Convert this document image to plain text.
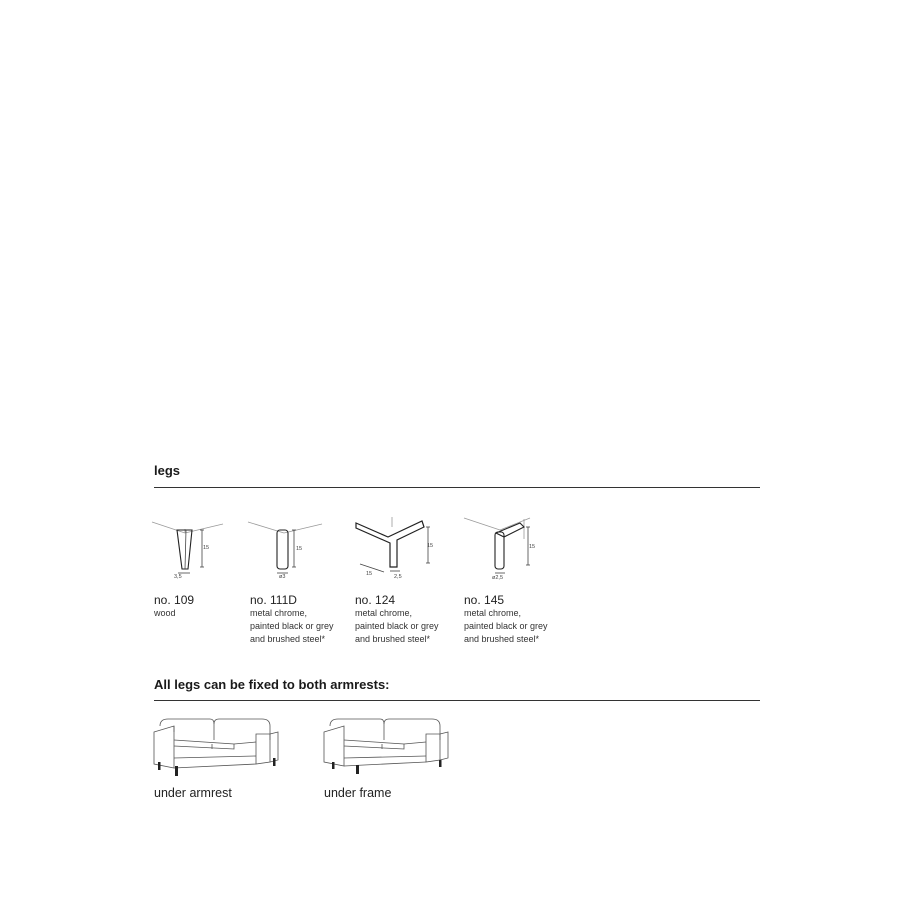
legs
15
3,5
15
ø3
15
15	2,5
15
ø2,5
no. 109
wood
no. 111D
metal chrome,
painted black or grey
and brushed steel*
no. 124
metal chrome,
painted black or grey
and brushed steel*
no. 145
metal chrome,
painted black or grey
and brushed steel*
All legs can be fixed to both armrests:
under armrest	under frame
